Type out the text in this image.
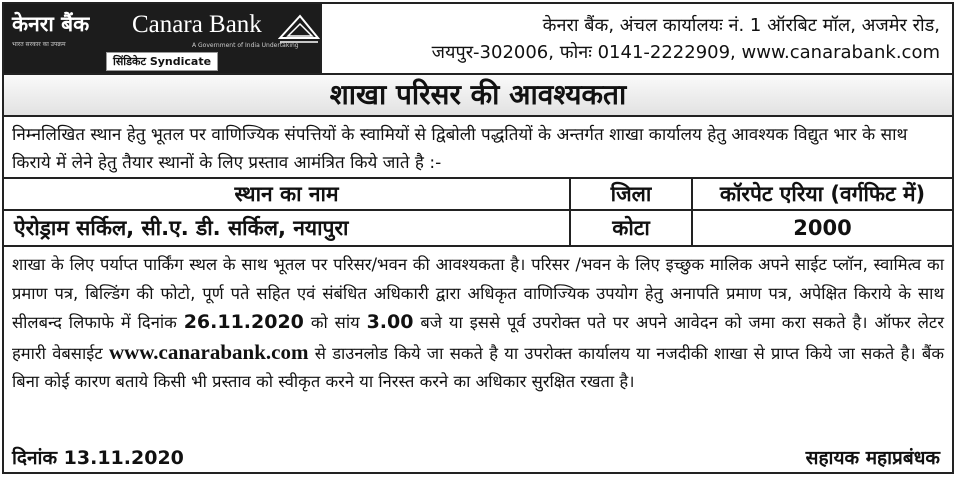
केनरा बैंक Canara Bank
भारत सरकार का उपक्रम	A Government of India Undertaking
सिंडिकेट Syndicate
केनरा बैंक, अंचल कार्यालयः नं. 1 ऑरबिट मॉल, अजमेर रोड,
जयपुर-302006, फोनः 0141-2222909, www.canarabank.com
शाखा परिसर की आवश्यकता
निम्नलिखित स्थान हेतु भूतल पर वाणिज्यिक संपत्तियों के स्वामियों से द्विबोली पद्धतियों के अन्तर्गत शाखा कार्यालय हेतु आवश्यक विद्युत भार के साथ किराये में लेने हेतु तैयार स्थानों के लिए प्रस्ताव आमंत्रित किये जाते है :-
स्थान का नाम	जिला	कॉरपेट एरिया (वर्गफिट में)
ऐरोड्राम सर्किल, सी.ए. डी. सर्किल, नयापुरा	कोटा	2000
शाखा के लिए पर्याप्त पार्किंग स्थल के साथ भूतल पर परिसर/भवन की आवश्यकता है। परिसर /भवन के लिए इच्छुक मालिक अपने साईट प्लॉन, स्वामित्व का प्रमाण पत्र, बिल्डिंग की फोटो, पूर्ण पते सहित एवं संबंधित अधिकारी द्वारा अधिकृत वाणिज्यिक उपयोग हेतु अनापति प्रमाण पत्र, अपेक्षित किराये के साथ सीलबन्द लिफाफे में दिनांक 26.11.2020 को सांय 3.00 बजे या इससे पूर्व उपरोक्त पते पर अपने आवेदन को जमा करा सकते है। ऑफर लेटर हमारी वेबसाईट www.canarabank.com से डाउनलोड किये जा सकते है या उपरोक्त कार्यालय या नजदीकी शाखा से प्राप्त किये जा सकते है। बैंक बिना कोई कारण बताये किसी भी प्रस्ताव को स्वीकृत करने या निरस्त करने का अधिकार सुरक्षित रखता है।
दिनांक 13.11.2020	सहायक महाप्रबंधक
